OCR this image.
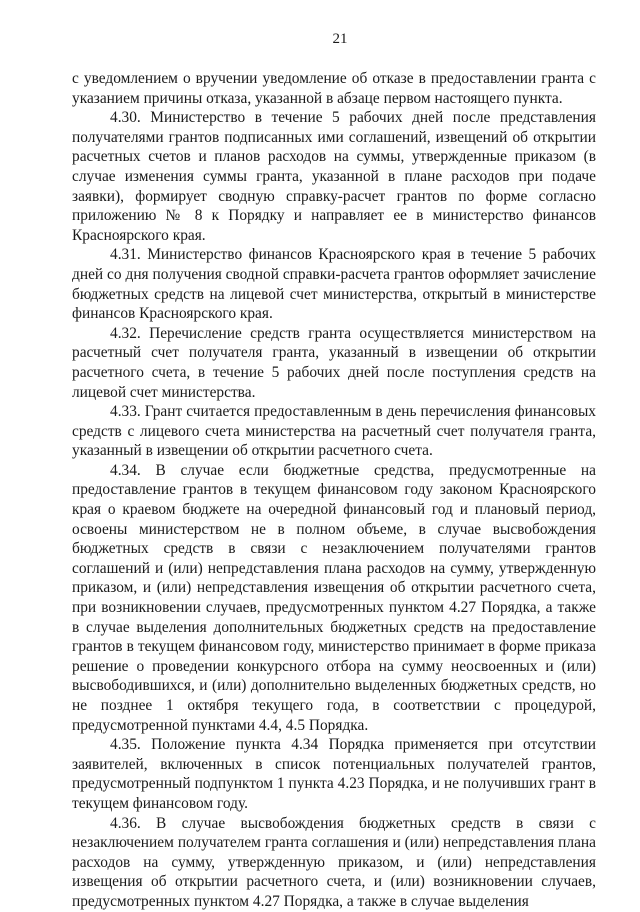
21

с уведомлением о вручении уведомление об отказе в предоставлении гранта с указанием причины отказа, указанной в абзаце первом настоящего пункта.

4.30. Министерство в течение 5 рабочих дней после представления получателями грантов подписанных ими соглашений, извещений об открытии расчетных счетов и планов расходов на суммы, утвержденные приказом (в случае изменения суммы гранта, указанной в плане расходов при подаче заявки), формирует сводную справку-расчет грантов по форме согласно приложению № 8 к Порядку и направляет ее в министерство финансов Красноярского края.

4.31. Министерство финансов Красноярского края в течение 5 рабочих дней со дня получения сводной справки-расчета грантов оформляет зачисление бюджетных средств на лицевой счет министерства, открытый в министерстве финансов Красноярского края.

4.32. Перечисление средств гранта осуществляется министерством на расчетный счет получателя гранта, указанный в извещении об открытии расчетного счета, в течение 5 рабочих дней после поступления средств на лицевой счет министерства.

4.33. Грант считается предоставленным в день перечисления финансовых средств с лицевого счета министерства на расчетный счет получателя гранта, указанный в извещении об открытии расчетного счета.

4.34. В случае если бюджетные средства, предусмотренные на предоставление грантов в текущем финансовом году законом Красноярского края о краевом бюджете на очередной финансовый год и плановый период, освоены министерством не в полном объеме, в случае высвобождения бюджетных средств в связи с незаключением получателями грантов соглашений и (или) непредставления плана расходов на сумму, утвержденную приказом, и (или) непредставления извещения об открытии расчетного счета, при возникновении случаев, предусмотренных пунктом 4.27 Порядка, а также в случае выделения дополнительных бюджетных средств на предоставление грантов в текущем финансовом году, министерство принимает в форме приказа решение о проведении конкурсного отбора на сумму неосвоенных и (или) высвободившихся, и (или) дополнительно выделенных бюджетных средств, но не позднее 1 октября текущего года, в соответствии с процедурой, предусмотренной пунктами 4.4, 4.5 Порядка.

4.35. Положение пункта 4.34 Порядка применяется при отсутствии заявителей, включенных в список потенциальных получателей грантов, предусмотренный подпунктом 1 пункта 4.23 Порядка, и не получивших грант в текущем финансовом году.

4.36. В случае высвобождения бюджетных средств в связи с незаключением получателем гранта соглашения и (или) непредставления плана расходов на сумму, утвержденную приказом, и (или) непредставления извещения об открытии расчетного счета, и (или) возникновении случаев, предусмотренных пунктом 4.27 Порядка, а также в случае выделения
